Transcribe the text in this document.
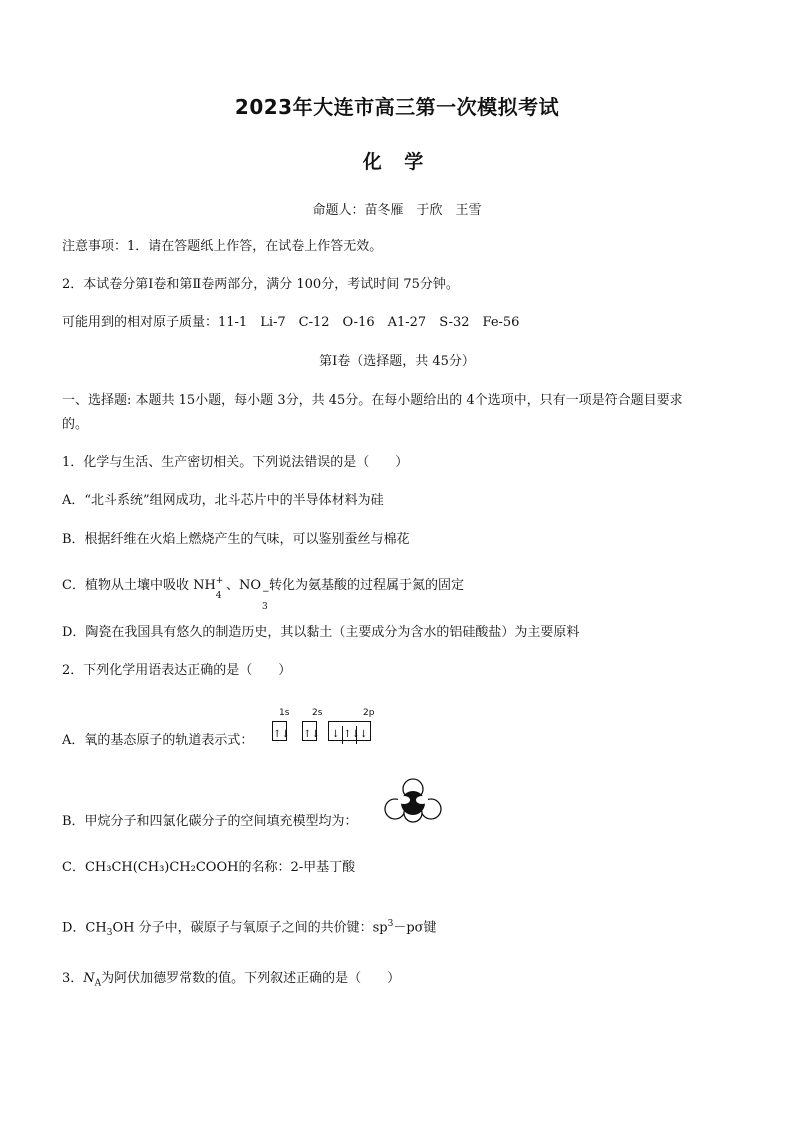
2023年大连市高三第一次模拟考试
化 学
命题人：苗冬雁　于欣　王雪
注意事项：1．请在答题纸上作答，在试卷上作答无效。
2．本试卷分第Ⅰ卷和第Ⅱ卷两部分，满分 100分，考试时间 75分钟。
可能用到的相对原子质量：11-1　Li-7　C-12　O-16　A1-27　S-32　Fe-56
第Ⅰ卷（选择题，共 45分）
一、选择题: 本题共 15小题，每小题 3分，共 45分。在每小题给出的 4个选项中，只有一项是符合题目要求
的。
1．化学与生活、生产密切相关。下列说法错误的是（　　）
A．“北斗系统”组网成功，北斗芯片中的半导体材料为硅
B．根据纤维在火焰上燃烧产生的气味，可以鉴别蚕丝与棉花
C．植物从土壤中吸收 NH
4
+ 、NO
3
− 转化为氨基酸的过程属于氮的固定
D．陶瓷在我国具有悠久的制造历史，其以黏土（主要成分为含水的铝硅酸盐）为主要原料
2．下列化学用语表达正确的是（　　）
A．氧的基态原子的轨道表示式：
1s	2s	2p
↑↓ ↑↓ ↓ ↑↓↓
B．甲烷分子和四氯化碳分子的空间填充模型均为：
C．CH₃CH(CH₃)CH₂COOH的名称：2-甲基丁酸
D．$CH_3OH$ 分子中，碳原子与氧原子之间的共价键：$sp^3-p\sigma$键
3．$N_A$为阿伏加德罗常数的值。下列叙述正确的是（　　）
